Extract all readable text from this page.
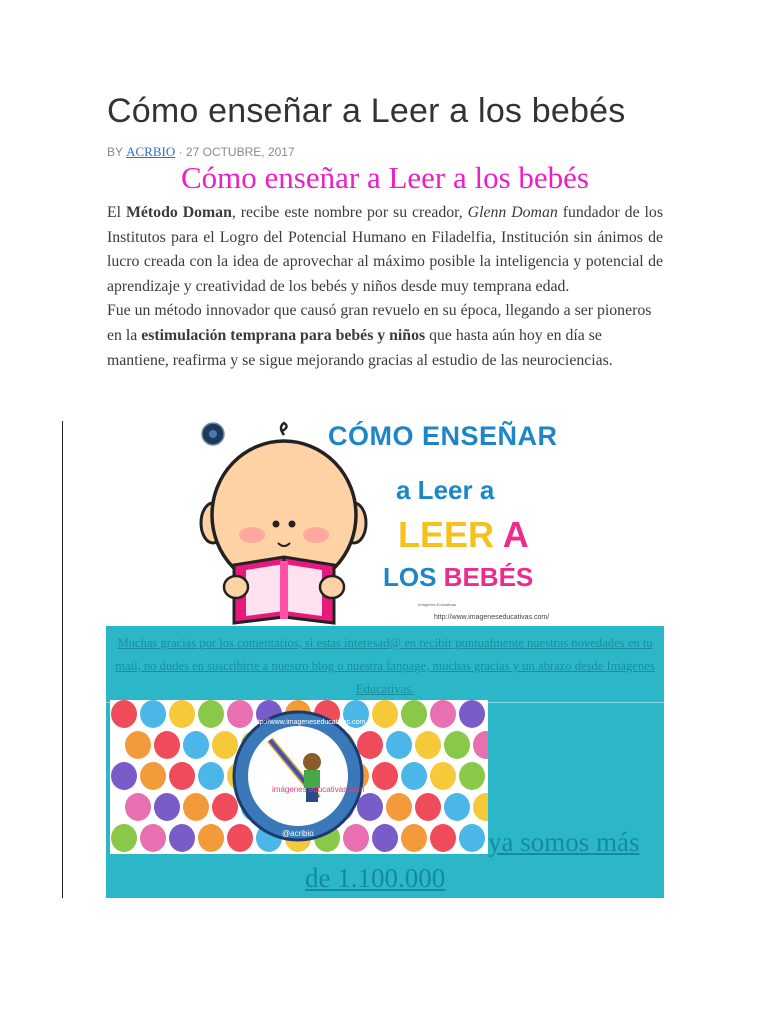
Cómo enseñar a Leer a los bebés
BY ACRBIO · 27 OCTUBRE, 2017
Cómo enseñar a Leer a los bebés

El Método Doman, recibe este nombre por su creador, Glenn Doman fundador de los Institutos para el Logro del Potencial Humano en Filadelfia, Institución sin ánimos de lucro creada con la idea de aprovechar al máximo posible la inteligencia y potencial de aprendizaje y creatividad de los bebés y niños desde muy temprana edad.

Fue un método innovador que causó gran revuelo en su época, llegando a ser pioneros en la estimulación temprana para bebés y niños que hasta aún hoy en día se mantiene, reafirma y se sigue mejorando gracias al estudio de las neurociencias.

CÓMO ENSEÑAR
a Leer a
LEER A
LOS BEBÉS
Imágenes Educativas
http://www.imageneseducativas.com/
Muchas gracias por los comentarios, si estas interesad@ en recibir puntualmente nuestras novedades en tu mail, no dudes en suscribirte a nuestro blog o nuestra fanpage, muchas gracias y un abrazo desde Imágenes Educativas.
imágenes educativas.com
@acribio
http://www.imageneseducativas.com
ya somos más
de 1.100.000
